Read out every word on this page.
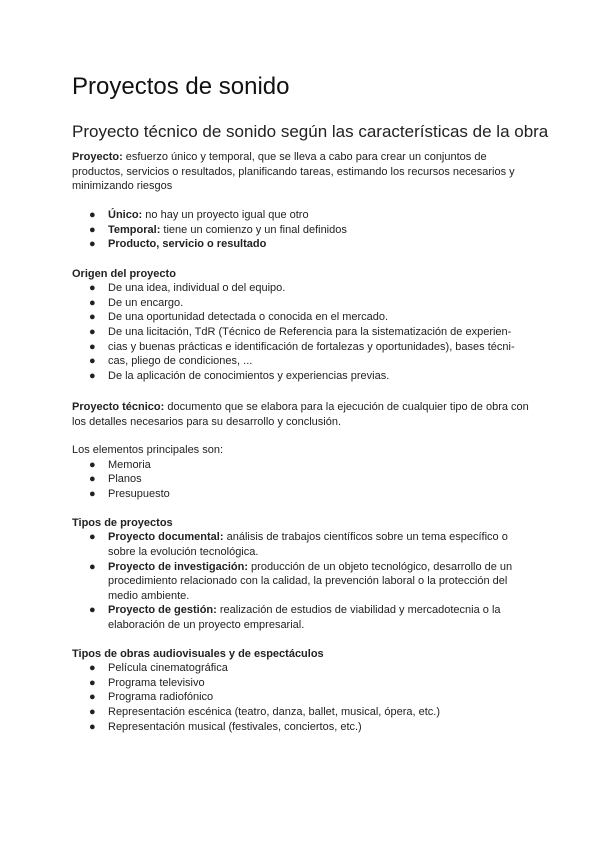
Proyectos de sonido
Proyecto técnico de sonido según las características de la obra
Proyecto: esfuerzo único y temporal, que se lleva a cabo para crear un conjuntos de productos, servicios o resultados, planificando tareas, estimando los recursos necesarios y minimizando riesgos
● Único: no hay un proyecto igual que otro
● Temporal: tiene un comienzo y un final definidos
● Producto, servicio o resultado
Origen del proyecto
● De una idea, individual o del equipo.
● De un encargo.
● De una oportunidad detectada o conocida en el mercado.
● De una licitación, TdR (Técnico de Referencia para la sistematización de experien-
● cias y buenas prácticas e identificación de fortalezas y oportunidades), bases técni-
● cas, pliego de condiciones, ...
● De la aplicación de conocimientos y experiencias previas.
Proyecto técnico: documento que se elabora para la ejecución de cualquier tipo de obra con los detalles necesarios para su desarrollo y conclusión.
Los elementos principales son:
● Memoria
● Planos
● Presupuesto
Tipos de proyectos
● Proyecto documental: análisis de trabajos científicos sobre un tema específico o
sobre la evolución tecnológica.
● Proyecto de investigación: producción de un objeto tecnológico, desarrollo de un
procedimiento relacionado con la calidad, la prevención laboral o la protección del
medio ambiente.
● Proyecto de gestión: realización de estudios de viabilidad y mercadotecnia o la
elaboración de un proyecto empresarial.
Tipos de obras audiovisuales y de espectáculos
● Película cinematográfica
● Programa televisivo
● Programa radiofónico
● Representación escénica (teatro, danza, ballet, musical, ópera, etc.)
● Representación musical (festivales, conciertos, etc.)
